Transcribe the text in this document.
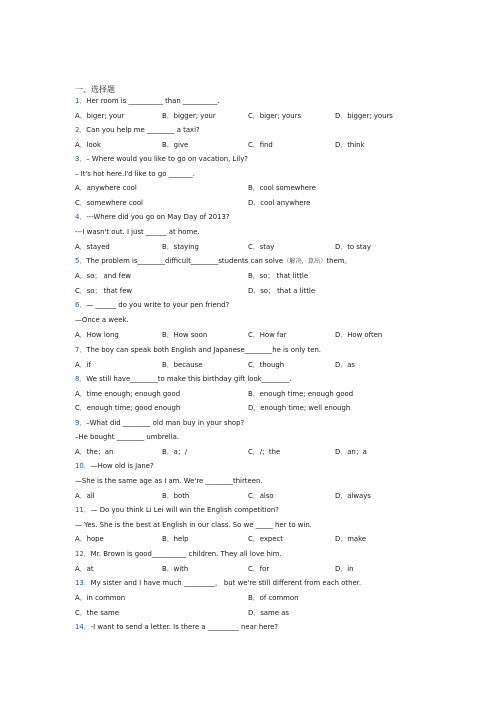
一、选择题
1．Her room is __________ than __________.
A．biger; your	B．bigger; your	C．biger; yours	D．bigger; yours
2．Can you help me ________ a taxi?
A．look	B．give	C．find	D．think
3．– Where would you like to go on vacation, Lily?
– It's hot here.I'd like to go _______.
A．anywhere cool	B．cool somewhere
C．somewhere cool	D．cool anywhere
4．---Where did you go on May Day of 2013?
---I wasn't out. I just ______ at home.
A．stayed	B．staying	C．stay	D．to stay
5．The problem is________difficult________students can solve（解决，算出）them。
A．so； and few	B．so； that little
C．so； that few	D．so； that a little
6．— ______ do you write to your pen friend?
—Once a week.
A．How long	B．How soon	C．How far	D．How often
7．The boy can speak both English and Japanese________he is only ten.
A．if	B．because	C．though	D．as
8．We still have________to make this birthday gift look________.
A．time enough; enough good	B．enough time; enough good
C．enough time; good enough	D．enough time; well enough
9．–What did ________ old man buy in your shop?
–He bought ________ umbrella.
A．the；an	B．a；/	C．/；the	D．an；a
10．—How old is Jane?
—She is the same age as I am. We're ________thirteen.
A．all	B．both	C．also	D．always
11．— Do you think Li Lei will win the English competition?
— Yes. She is the best at English in our class. So we _____ her to win.
A．hope	B．help	C．expect	D．make
12．Mr. Brown is good__________ children. They all love him.
A．at	B．with	C．for	D．in
13．My sister and I have much _________， but we're still different from each other.
A．in common	B．of common
C．the same	D．same as
14．-I want to send a letter. Is there a _________ near here?
